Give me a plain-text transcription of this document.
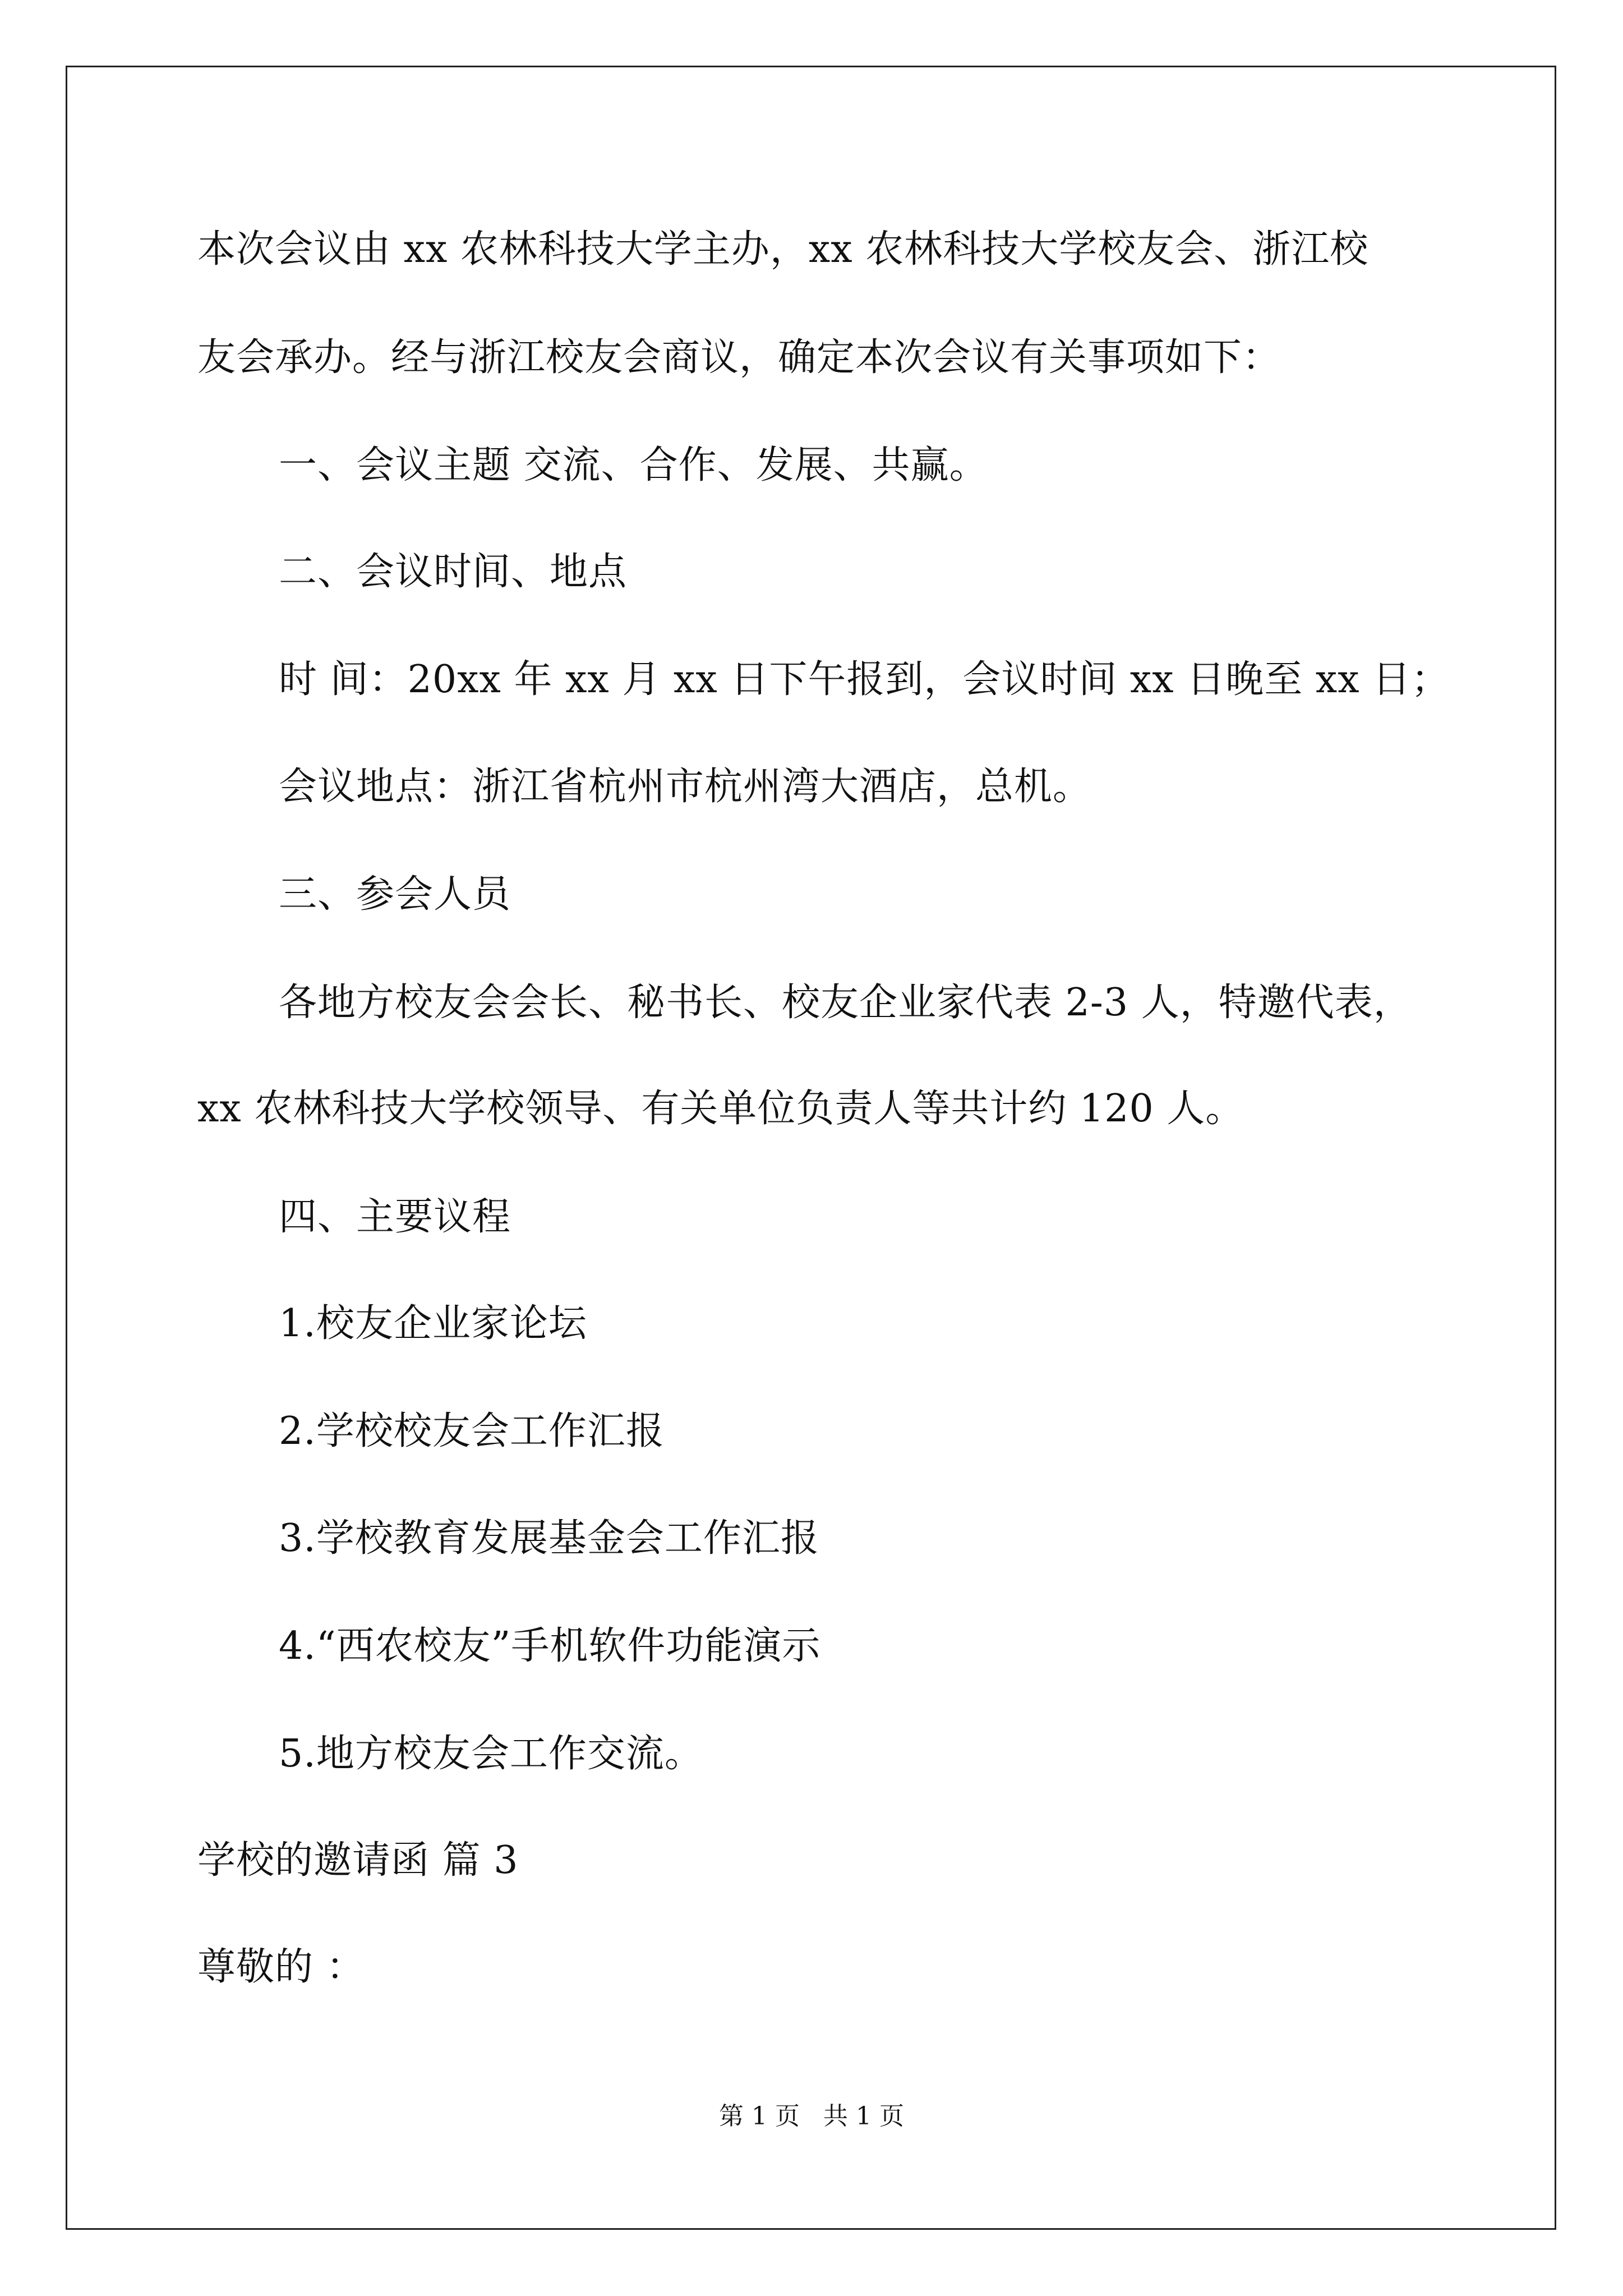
本次会议由 xx 农林科技大学主办，xx 农林科技大学校友会、浙江校
友会承办。经与浙江校友会商议，确定本次会议有关事项如下：
一、会议主题 交流、合作、发展、共赢。
二、会议时间、地点
时 间：20xx 年 xx 月 xx 日下午报到，会议时间 xx 日晚至 xx 日；
会议地点：浙江省杭州市杭州湾大酒店，总机。
三、参会人员
各地方校友会会长、秘书长、校友企业家代表 2-3 人，特邀代表，
xx 农林科技大学校领导、有关单位负责人等共计约 120 人。
四、主要议程
1.校友企业家论坛
2.学校校友会工作汇报
3.学校教育发展基金会工作汇报
4.“西农校友”手机软件功能演示
5.地方校友会工作交流。
学校的邀请函 篇 3
尊敬的 ：
第 1 页   共 1 页
